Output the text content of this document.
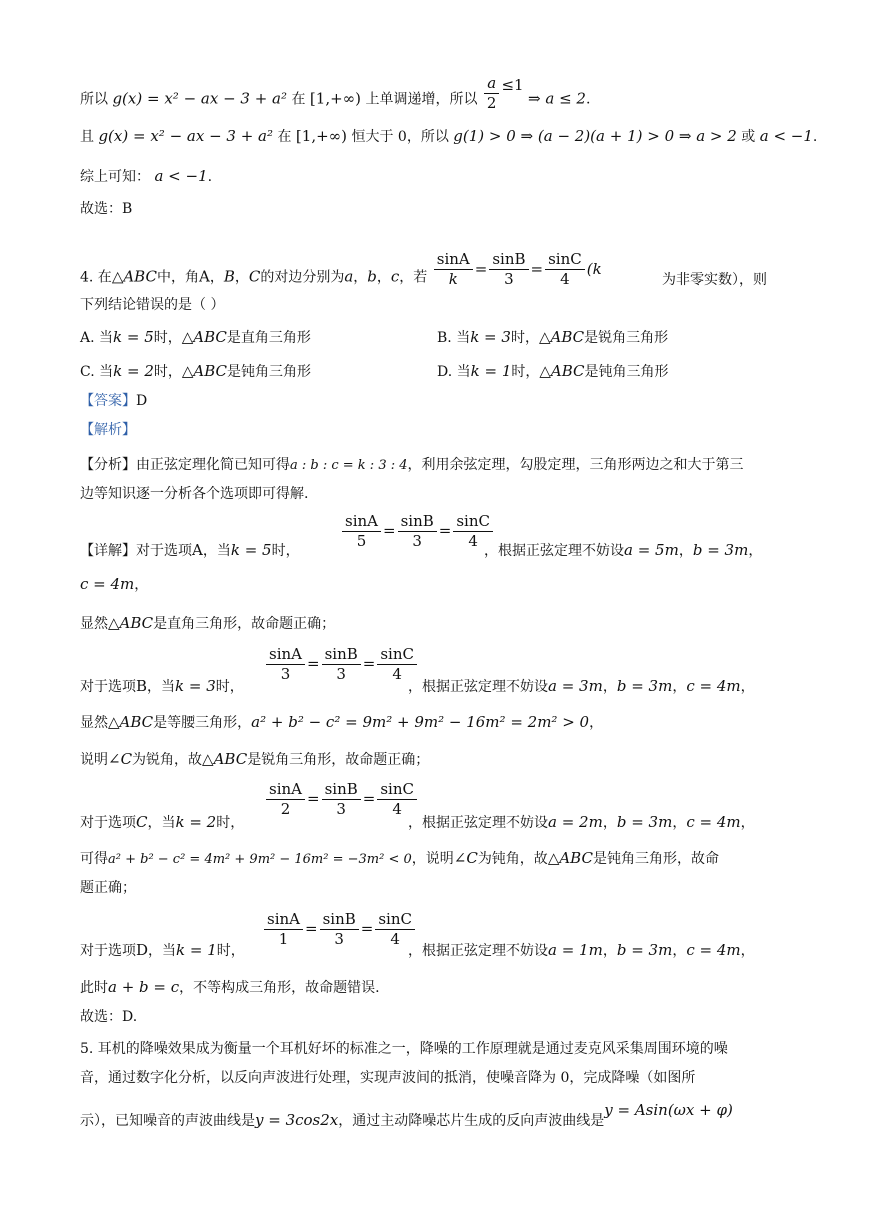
所以 g(x) = x² − ax − 3 + a² 在 [1,+∞) 上单调递增，所以 $\frac{a}{2} \le 1$ ⇒ a ≤ 2.
且 g(x) = x² − ax − 3 + a² 在 [1,+∞) 恒大于 0，所以 g(1) > 0 ⇒ (a − 2)(a + 1) > 0 ⇒ a > 2 或 a < −1.
综上可知： a < −1.
故选：B
4. 在△ABC中，角A，B，C的对边分别为a，b，c，若 $\frac{\sin A}{k} = \frac{\sin B}{3} = \frac{\sin C}{4} (k$
为非零实数），则
下列结论错误的是（ ）
A. 当k = 5时，△ABC是直角三角形	B. 当k = 3时，△ABC是锐角三角形
C. 当k = 2时，△ABC是钝角三角形	D. 当k = 1时，△ABC是钝角三角形
【答案】D
【解析】
【分析】由正弦定理化简已知可得a : b : c = k : 3 : 4，利用余弦定理，勾股定理，三角形两边之和大于第三
边等知识逐一分析各个选项即可得解.
【详解】对于选项A，当k = 5时，	$\frac{\sin A}{5} = \frac{\sin B}{3} = \frac{\sin C}{4}$
，根据正弦定理不妨设a = 5m，b = 3m，
c = 4m，
显然△ABC是直角三角形，故命题正确；
对于选项B，当k = 3时，
$\frac{\sin A}{3} = \frac{\sin B}{3} = \frac{\sin C}{4}$
，根据正弦定理不妨设a = 3m，b = 3m，c = 4m，
显然△ABC是等腰三角形，a² + b² − c² = 9m² + 9m² − 16m² = 2m² > 0，
说明∠C为锐角，故△ABC是锐角三角形，故命题正确；
对于选项C，当k = 2时，
$\frac{\sin A}{2} = \frac{\sin B}{3} = \frac{\sin C}{4}$
，根据正弦定理不妨设a = 2m，b = 3m，c = 4m，
可得a² + b² − c² = 4m² + 9m² − 16m² = −3m² < 0，说明∠C为钝角，故△ABC是钝角三角形，故命
题正确；
对于选项D，当k = 1时，
$\frac{\sin A}{1} = \frac{\sin B}{3} = \frac{\sin C}{4}$
，根据正弦定理不妨设a = 1m，b = 3m，c = 4m，
此时a + b = c，不等构成三角形，故命题错误.
故选：D.
5. 耳机的降噪效果成为衡量一个耳机好坏的标准之一，降噪的工作原理就是通过麦克风采集周围环境的噪
音，通过数字化分析，以反向声波进行处理，实现声波间的抵消，使噪音降为 0，完成降噪（如图所
示），已知噪音的声波曲线是y = 3cos2x，通过主动降噪芯片生成的反向声波曲线是y = Asin(ωx + φ)
